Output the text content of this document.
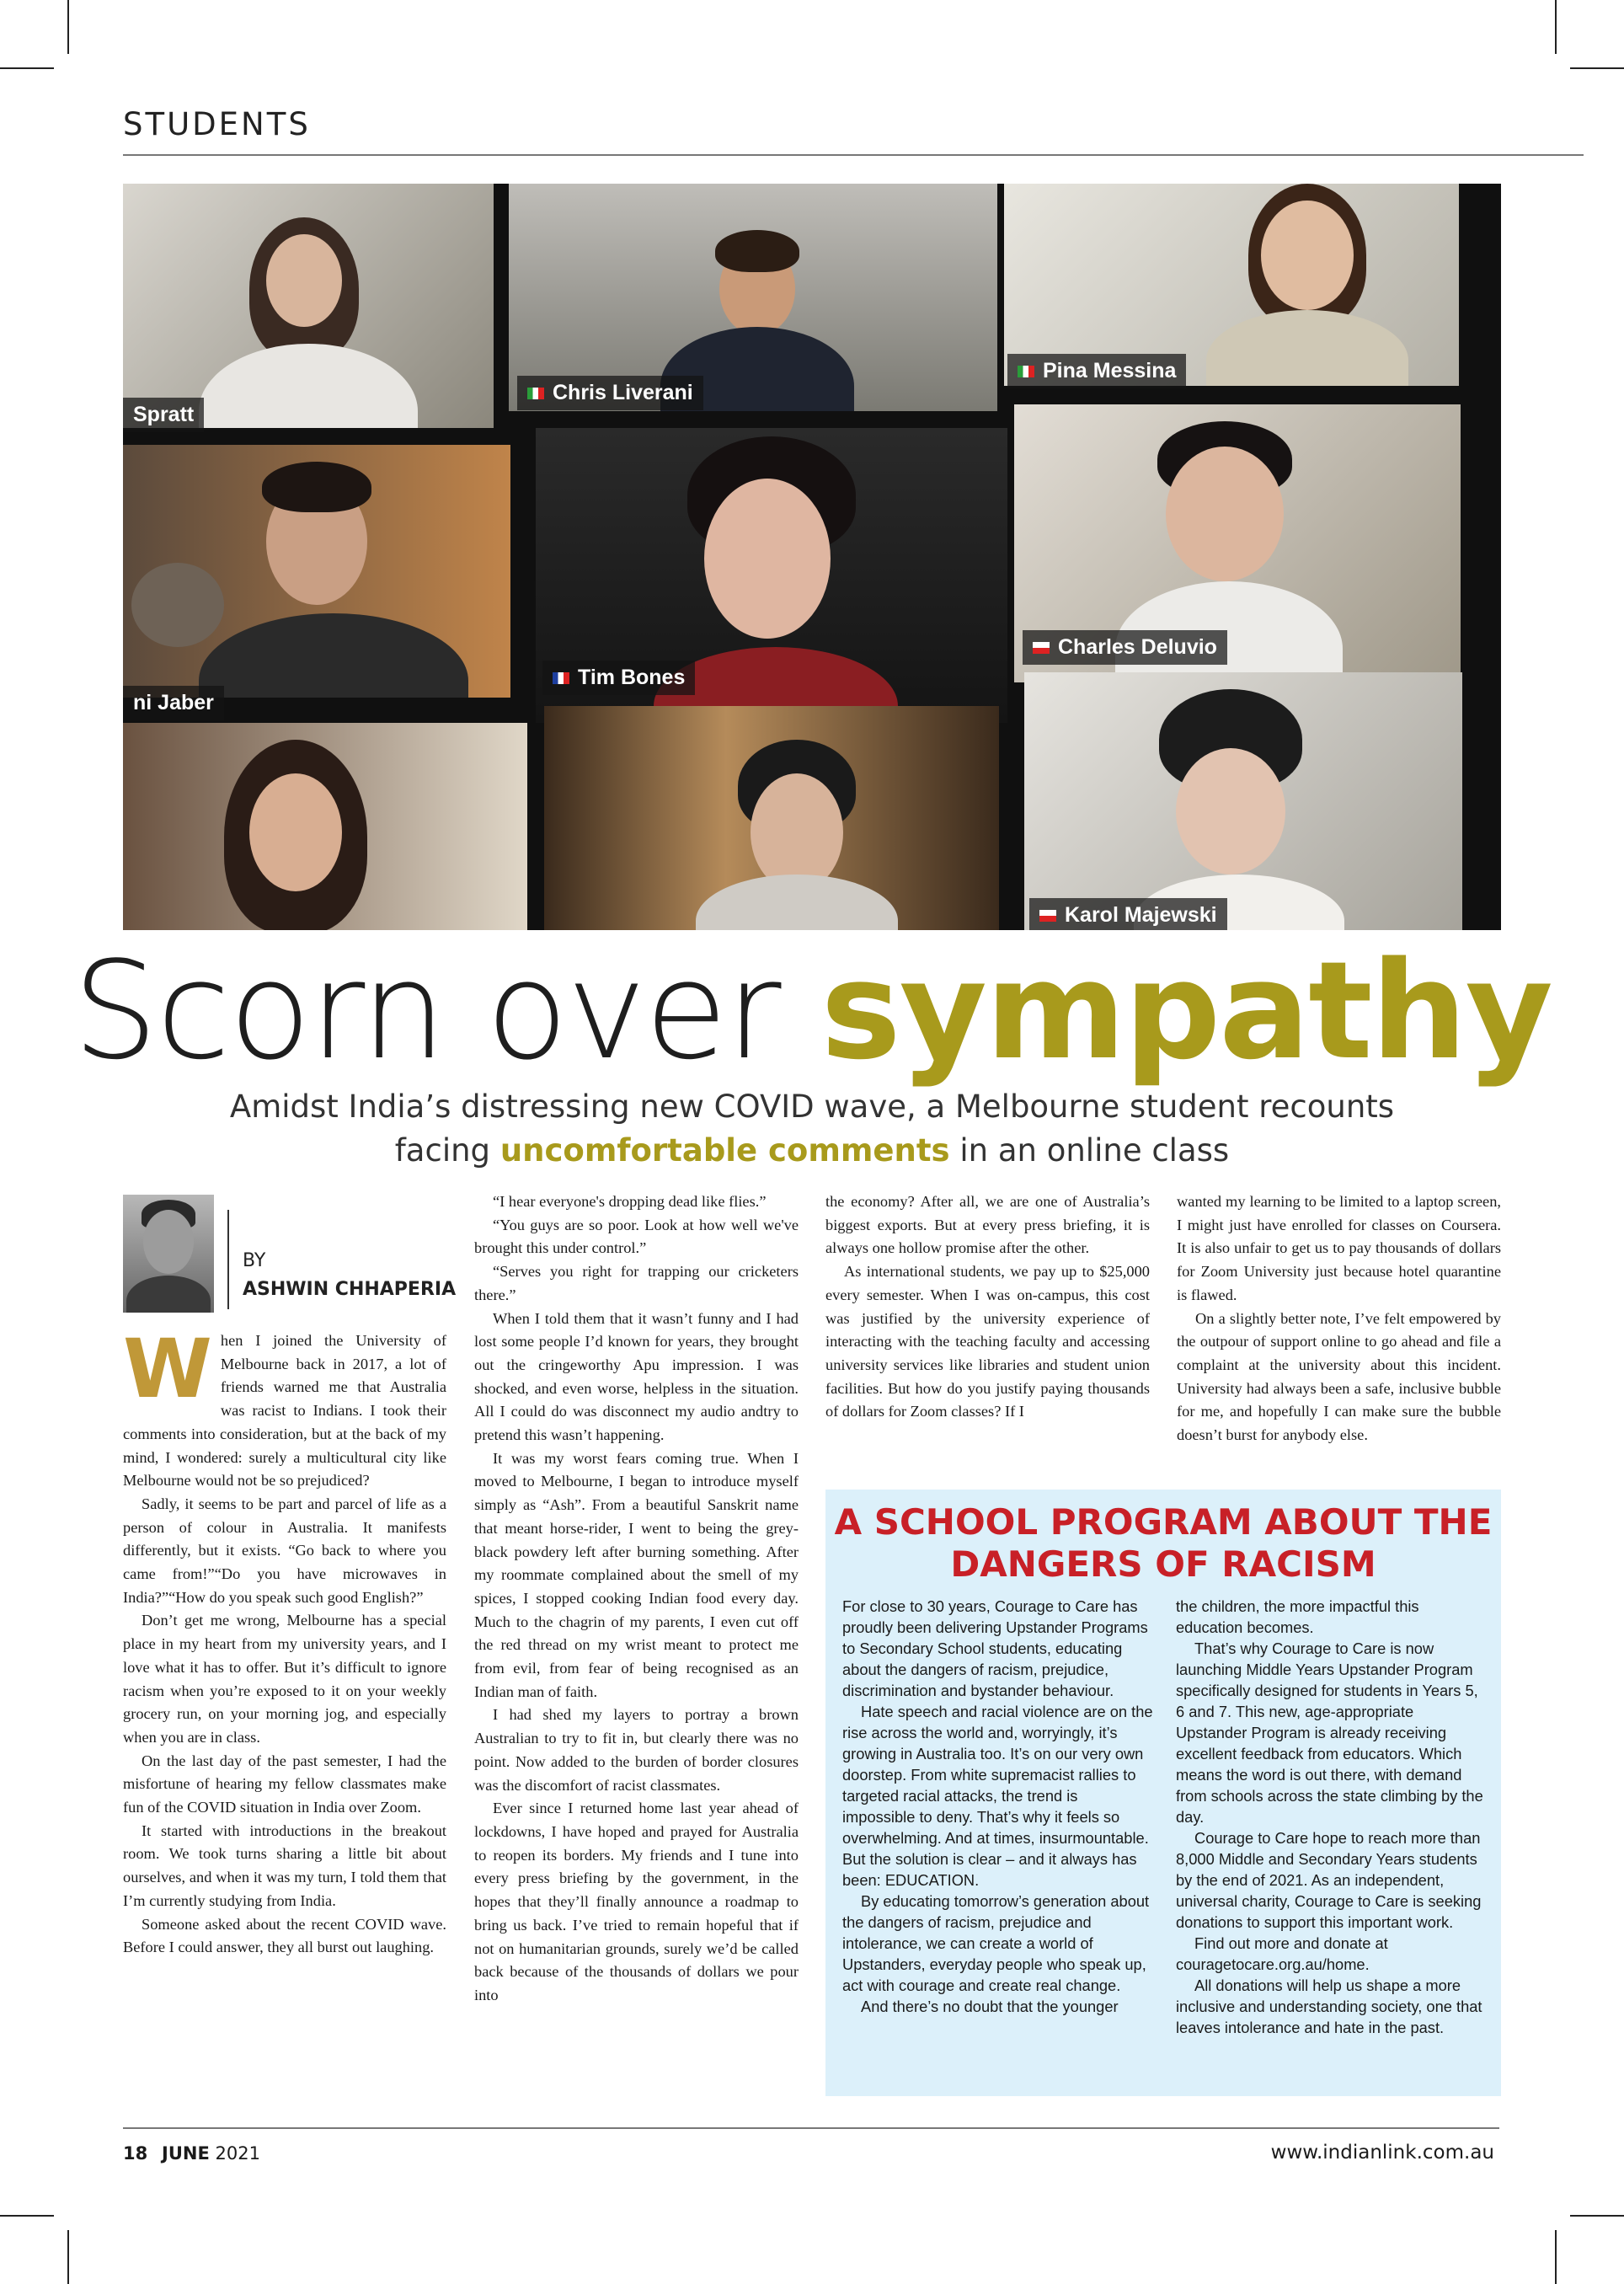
STUDENTS
Spratt
Chris Liverani
Pina Messina
ni Jaber
Tim Bones
Charles Deluvio
Karol Majewski
Scorn over sympathy
Amidst India’s distressing new COVID wave, a Melbourne student recounts
facing uncomfortable comments in an online class
BY
ASHWIN CHHAPERIA

When I joined the University of Melbourne back in 2017, a lot of friends warned me that Australia was racist to Indians. I took their comments into consideration, but at the back of my mind, I wondered: surely a multicultural city like Melbourne would not be so prejudiced?

Sadly, it seems to be part and parcel of life as a person of colour in Australia. It manifests differently, but it exists. “Go back to where you came from!”“Do you have microwaves in India?”“How do you speak such good English?”

Don’t get me wrong, Melbourne has a special place in my heart from my university years, and I love what it has to offer. But it’s difficult to ignore racism when you’re exposed to it on your weekly grocery run, on your morning jog, and especially when you are in class.

On the last day of the past semester, I had the misfortune of hearing my fellow classmates make fun of the COVID situation in India over Zoom.

It started with introductions in the breakout room. We took turns sharing a little bit about ourselves, and when it was my turn, I told them that I’m currently studying from India.

Someone asked about the recent COVID wave. Before I could answer, they all burst out laughing.

“I hear everyone's dropping dead like flies.”

“You guys are so poor. Look at how well we've brought this under control.”

“Serves you right for trapping our cricketers there.”

When I told them that it wasn’t funny and I had lost some people I’d known for years, they brought out the cringeworthy Apu impression. I was shocked, and even worse, helpless in the situation. All I could do was disconnect my audio andtry to pretend this wasn’t happening.

It was my worst fears coming true. When I moved to Melbourne, I began to introduce myself simply as “Ash”. From a beautiful Sanskrit name that meant horse-rider, I went to being the grey-black powdery left after burning something. After my roommate complained about the smell of my spices, I stopped cooking Indian food every day. Much to the chagrin of my parents, I even cut off the red thread on my wrist meant to protect me from evil, from fear of being recognised as an Indian man of faith.

I had shed my layers to portray a brown Australian to try to fit in, but clearly there was no point. Now added to the burden of border closures was the discomfort of racist classmates.

Ever since I returned home last year ahead of lockdowns, I have hoped and prayed for Australia to reopen its borders. My friends and I tune into every press briefing by the government, in the hopes that they’ll finally announce a roadmap to bring us back. I’ve tried to remain hopeful that if not on humanitarian grounds, surely we’d be called back because of the thousands of dollars we pour into

the economy? After all, we are one of Australia’s biggest exports. But at every press briefing, it is always one hollow promise after the other.

As international students, we pay up to $25,000 every semester. When I was on-campus, this cost was justified by the university experience of interacting with the teaching faculty and accessing university services like libraries and student union facilities. But how do you justify paying thousands of dollars for Zoom classes? If I

wanted my learning to be limited to a laptop screen, I might just have enrolled for classes on Coursera. It is also unfair to get us to pay thousands of dollars for Zoom University just because hotel quarantine is flawed.

On a slightly better note, I’ve felt empowered by the outpour of support online to go ahead and file a complaint at the university about this incident. University had always been a safe, inclusive bubble for me, and hopefully I can make sure the bubble doesn’t burst for anybody else.

A SCHOOL PROGRAM ABOUT THE
DANGERS OF RACISM

For close to 30 years, Courage to Care has proudly been delivering Upstander Programs to Secondary School students, educating about the dangers of racism, prejudice, discrimination and bystander behaviour.

Hate speech and racial violence are on the rise across the world and, worryingly, it’s growing in Australia too. It’s on our very own doorstep. From white supremacist rallies to targeted racial attacks, the trend is impossible to deny. That’s why it feels so overwhelming. And at times, insurmountable. But the solution is clear – and it always has been: EDUCATION.

By educating tomorrow’s generation about the dangers of racism, prejudice and intolerance, we can create a world of Upstanders, everyday people who speak up, act with courage and create real change.

And there’s no doubt that the younger

the children, the more impactful this education becomes.

That’s why Courage to Care is now launching Middle Years Upstander Program specifically designed for students in Years 5, 6 and 7. This new, age-appropriate Upstander Program is already receiving excellent feedback from educators. Which means the word is out there, with demand from schools across the state climbing by the day.

Courage to Care hope to reach more than 8,000 Middle and Secondary Years students by the end of 2021. As an independent, universal charity, Courage to Care is seeking donations to support this important work.

Find out more and donate at couragetocare.org.au/home.

All donations will help us shape a more inclusive and understanding society, one that leaves intolerance and hate in the past.

18 JUNE 2021	www.indianlink.com.au
